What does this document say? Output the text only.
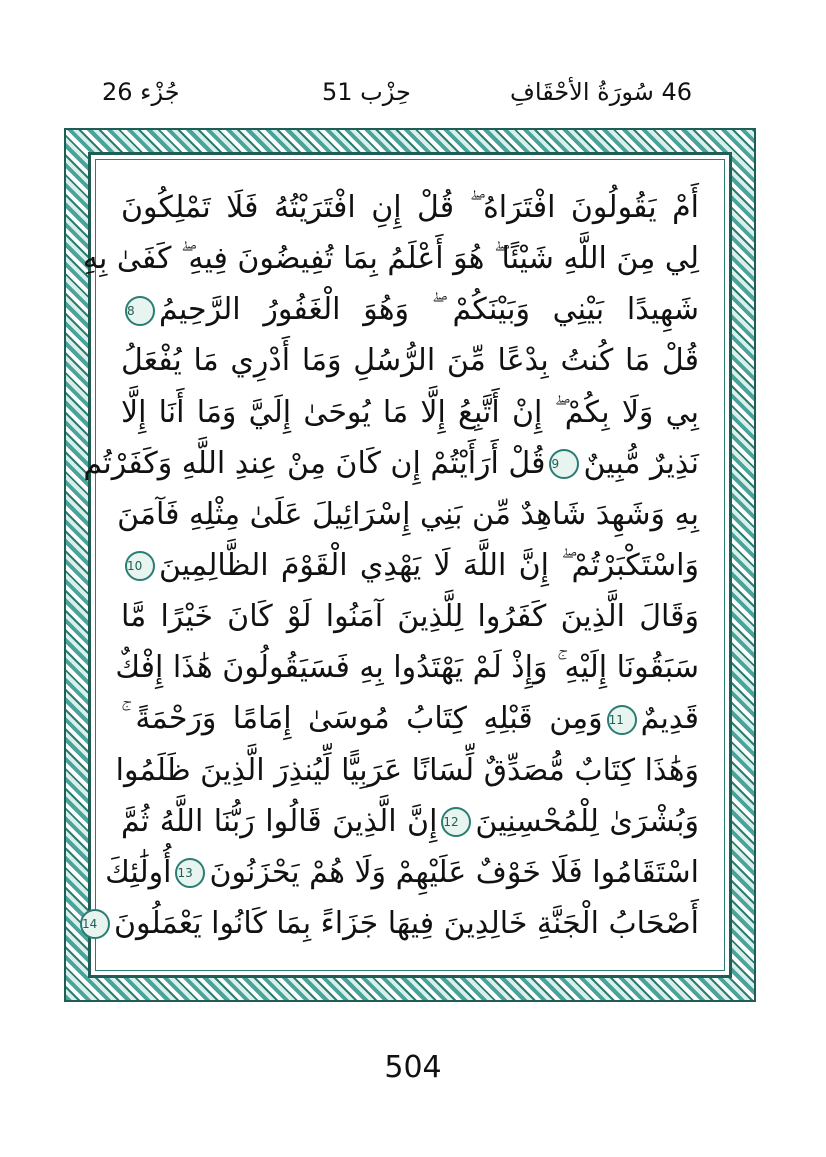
جُزْء 26	حِزْب 51	46 سُورَةُ الأحْقَافِ
أَمْ يَقُولُونَ افْتَرَاهُ ۖ قُلْ إِنِ افْتَرَيْتُهُ فَلَا تَمْلِكُونَ
لِي مِنَ اللَّهِ شَيْئًا ۖ هُوَ أَعْلَمُ بِمَا تُفِيضُونَ فِيهِ ۖ كَفَىٰ بِهِ
شَهِيدًا بَيْنِي وَبَيْنَكُمْ ۖ وَهُوَ الْغَفُورُ الرَّحِيمُ8
قُلْ مَا كُنتُ بِدْعًا مِّنَ الرُّسُلِ وَمَا أَدْرِي مَا يُفْعَلُ
بِي وَلَا بِكُمْ ۖ إِنْ أَتَّبِعُ إِلَّا مَا يُوحَىٰ إِلَيَّ وَمَا أَنَا إِلَّا
نَذِيرٌ مُّبِينٌ9قُلْ أَرَأَيْتُمْ إِن كَانَ مِنْ عِندِ اللَّهِ وَكَفَرْتُم
بِهِ وَشَهِدَ شَاهِدٌ مِّن بَنِي إِسْرَائِيلَ عَلَىٰ مِثْلِهِ فَآمَنَ
وَاسْتَكْبَرْتُمْ ۖ إِنَّ اللَّهَ لَا يَهْدِي الْقَوْمَ الظَّالِمِينَ10
وَقَالَ الَّذِينَ كَفَرُوا لِلَّذِينَ آمَنُوا لَوْ كَانَ خَيْرًا مَّا
سَبَقُونَا إِلَيْهِ ۚ وَإِذْ لَمْ يَهْتَدُوا بِهِ فَسَيَقُولُونَ هَٰذَا إِفْكٌ
قَدِيمٌ11وَمِن قَبْلِهِ كِتَابُ مُوسَىٰ إِمَامًا وَرَحْمَةً ۚ
وَهَٰذَا كِتَابٌ مُّصَدِّقٌ لِّسَانًا عَرَبِيًّا لِّيُنذِرَ الَّذِينَ ظَلَمُوا
وَبُشْرَىٰ لِلْمُحْسِنِينَ12إِنَّ الَّذِينَ قَالُوا رَبُّنَا اللَّهُ ثُمَّ
اسْتَقَامُوا فَلَا خَوْفٌ عَلَيْهِمْ وَلَا هُمْ يَحْزَنُونَ13أُولَٰئِكَ
أَصْحَابُ الْجَنَّةِ خَالِدِينَ فِيهَا جَزَاءً بِمَا كَانُوا يَعْمَلُونَ14
504
